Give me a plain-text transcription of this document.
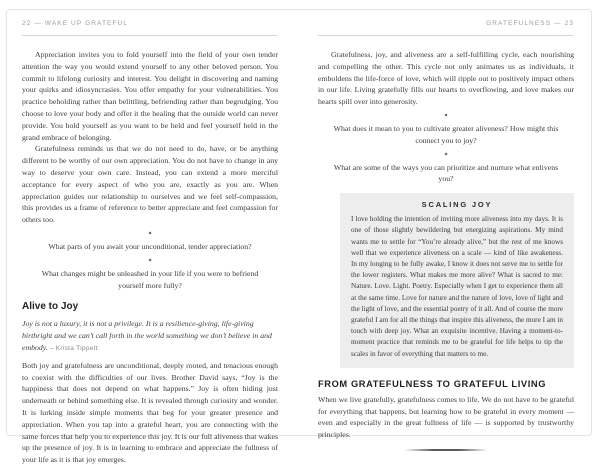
22 — WAKE UP GRATEFUL

Appreciation invites you to fold yourself into the field of your own tender attention the way you would extend yourself to any other beloved person. You commit to lifelong curiosity and interest. You delight in discovering and naming your quirks and idiosyncrasies. You offer empathy for your vulnerabilities. You practice beholding rather than belittling, befriending rather than begrudging. You choose to love your body and offer it the healing that the outside world can never provide. You hold yourself as you want to be held and feel yourself held in the grand embrace of belonging.

Gratefulness reminds us that we do not need to do, have, or be anything different to be worthy of our own appreciation. You do not have to change in any way to deserve your own care. Instead, you can extend a more merciful acceptance for every aspect of who you are, exactly as you are. When appreciation guides our relationship to ourselves and we feel self-compassion, this provides us a frame of reference to better appreciate and feel compassion for others too.

✦

What parts of you await your unconditional, tender appreciation?

✦

What changes might be unleashed in your life if you were to befriend yourself more fully?

Alive to Joy

Joy is not a luxury, it is not a privilege. It is a resilience-giving, life-giving birthright and we can’t call forth in the world something we don’t believe in and embody. – Krista Tippett

Both joy and gratefulness are unconditional, deeply rooted, and tenacious enough to coexist with the difficulties of our lives. Brother David says, “Joy is the happiness that does not depend on what happens.” Joy is often hiding just underneath or behind something else. It is revealed through curiosity and wonder. It is lurking inside simple moments that beg for your greater presence and appreciation. When you tap into a grateful heart, you are connecting with the same forces that help you to experience this joy. It is our full aliveness that wakes up the presence of joy. It is in learning to embrace and appreciate the fullness of your life as it is that joy emerges.

GRATEFULNESS — 23

Gratefulness, joy, and aliveness are a self-fulfilling cycle, each nourishing and compelling the other. This cycle not only animates us as individuals, it emboldens the life-force of love, which will ripple out to positively impact others in our life. Living gratefully fills our hearts to overflowing, and love makes our hearts spill over into generosity.

✦

What does it mean to you to cultivate greater aliveness? How might this connect you to joy?

✦

What are some of the ways you can prioritize and nurture what enlivens you?

SCALING JOY

I love holding the intention of inviting more aliveness into my days. It is one of those slightly bewildering but energizing aspirations. My mind wants me to settle for “You’re already alive,” but the rest of me knows well that we experience aliveness on a scale — kind of like awakeness. In my longing to be fully awake, I know it does not serve me to settle for the lower registers. What makes me more alive? What is sacred to me: Nature. Love. Light. Poetry. Especially when I get to experience them all at the same time. Love for nature and the nature of love, love of light and the light of love, and the essential poetry of it all. And of course the more grateful I am for all the things that inspire this aliveness, the more I am in touch with deep joy. What an exquisite incentive. Having a moment-to-moment practice that reminds me to be grateful for life helps to tip the scales in favor of everything that matters to me.

FROM GRATEFULNESS TO GRATEFUL LIVING

When we live gratefully, gratefulness comes to life. We do not have to be grateful for everything that happens, but learning how to be grateful in every moment — even and especially in the great fullness of life — is supported by trustworthy principles.
